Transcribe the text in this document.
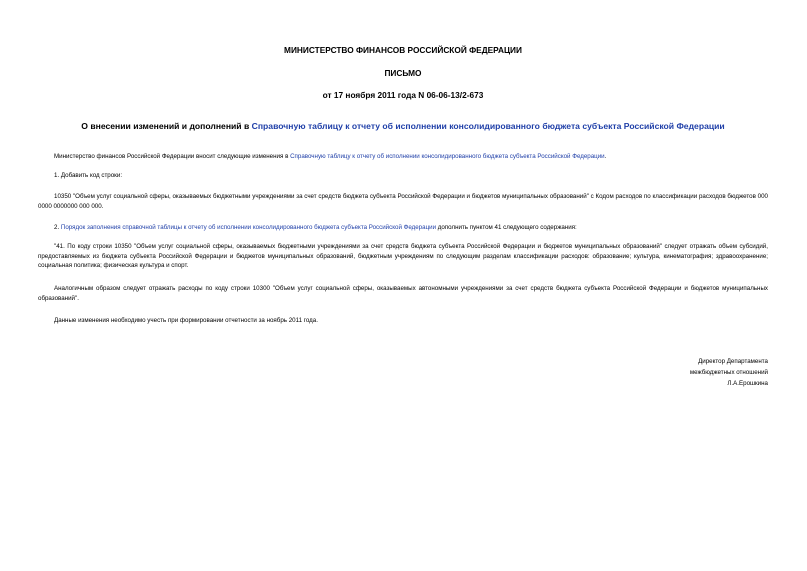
МИНИСТЕРСТВО ФИНАНСОВ РОССИЙСКОЙ ФЕДЕРАЦИИ
ПИСЬМО
от 17 ноября 2011 года N 06-06-13/2-673
О внесении изменений и дополнений в Справочную таблицу к отчету об исполнении консолидированного бюджета субъекта Российской Федерации
Министерство финансов Российской Федерации вносит следующие изменения в Справочную таблицу к отчету об исполнении консолидированного бюджета субъекта Российской Федерации.
1. Добавить код строки:
10350 "Объем услуг социальной сферы, оказываемых бюджетными учреждениями за счет средств бюджета субъекта Российской Федерации и бюджетов муниципальных образований" с Кодом расходов по классификации расходов бюджетов 000 0000 0000000 000 000.
2. Порядок заполнения справочной таблицы к отчету об исполнении консолидированного бюджета субъекта Российской Федерации дополнить пунктом 41 следующего содержания:
"41. По коду строки 10350 "Объем услуг социальной сферы, оказываемых бюджетными учреждениями за счет средств бюджета субъекта Российской Федерации и бюджетов муниципальных образований" следует отражать объем субсидий, предоставляемых из бюджета субъекта Российской Федерации и бюджетов муниципальных образований, бюджетным учреждениям по следующим разделам классификации расходов: образование; культура, кинематография; здравоохранение; социальная политика; физическая культура и спорт.
Аналогичным образом следует отражать расходы по коду строки 10300 "Объем услуг социальной сферы, оказываемых автономными учреждениями за счет средств бюджета субъекта Российской Федерации и бюджетов муниципальных образований".
Данные изменения необходимо учесть при формировании отчетности за ноябрь 2011 года.
Директор Департамента
межбюджетных отношений
Л.А.Ерошкина
